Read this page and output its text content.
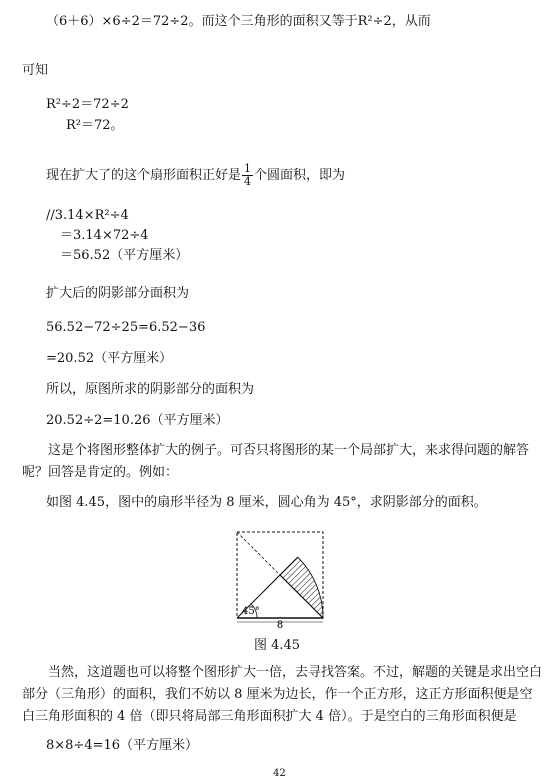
（6＋6）×6÷2＝72÷2。而这个三角形的面积又等于R²÷2，从而
可知
R²÷2＝72÷2
R²＝72。
现在扩大了的这个扇形面积正好是 $\frac{1}{4}$ 个圆面积，即为
//3.14×R²÷4
＝3.14×72÷4
＝56.52（平方厘米）
扩大后的阴影部分面积为
56.52−72÷25=6.52−36
=20.52（平方厘米）
所以，原图所求的阴影部分的面积为
20.52÷2=10.26（平方厘米）
这是个将图形整体扩大的例子。可否只将图形的某一个局部扩大，来求得问题的解答呢？回答是肯定的。例如：
如图 4.45，图中的扇形半径为 8 厘米，圆心角为 45°，求阴影部分的面积。
45°
8
图 4.45
当然，这道题也可以将整个图形扩大一倍，去寻找答案。不过，解题的关键是求出空白部分（三角形）的面积，我们不妨以 8 厘米为边长，作一个正方形，这正方形面积便是空白三角形面积的 4 倍（即只将局部三角形面积扩大 4 倍）。于是空白的三角形面积便是
8×8÷4=16（平方厘米）
42
